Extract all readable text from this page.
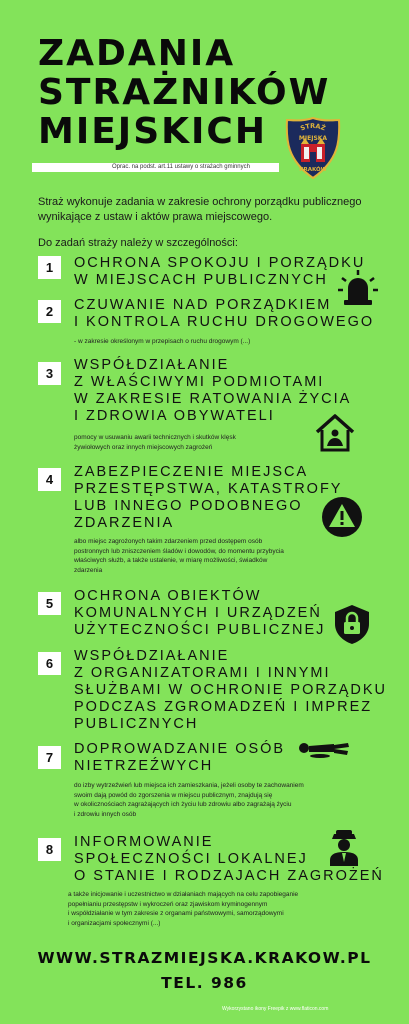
ZADANIA
STRAŻNIKÓW
MIEJSKICH
Oprac. na podst. art.11 ustawy o strażach gminnych
STRAŻ
MIEJSKA
KRAKÓW
Straż wykonuje zadania w zakresie ochrony porządku publicznego wynikające z ustaw i aktów prawa miejscowego.
Do zadań straży należy w szczególności:
1	OCHRONA SPOKOJU I PORZĄDKU
W MIEJSCACH PUBLICZNYCH
2	CZUWANIE NAD PORZĄDKIEM
I KONTROLA RUCHU DROGOWEGO
- w zakresie określonym w przepisach o ruchu drogowym (...)
3
WSPÓŁDZIAŁANIE
Z WŁAŚCIWYMI PODMIOTAMI
W ZAKRESIE RATOWANIA ŻYCIA
I ZDROWIA OBYWATELI
pomocy w usuwaniu awarii technicznych i skutków klęsk
żywiołowych oraz innych miejscowych zagrożeń
4	ZABEZPIECZENIE MIEJSCA
PRZESTĘPSTWA, KATASTROFY
LUB INNEGO PODOBNEGO
ZDARZENIA
albo miejsc zagrożonych takim zdarzeniem przed dostępem osób
postronnych lub zniszczeniem śladów i dowodów, do momentu przybycia
właściwych służb, a także ustalenie, w miarę możliwości, świadków
zdarzenia
5	OCHRONA OBIEKTÓW
KOMUNALNYCH I URZĄDZEŃ
UŻYTECZNOŚCI PUBLICZNEJ
6	WSPÓŁDZIAŁANIE
Z ORGANIZATORAMI I INNYMI
SŁUŻBAMI W OCHRONIE PORZĄDKU
PODCZAS ZGROMADZEŃ I IMPREZ
PUBLICZNYCH
7
DOPROWADZANIE OSÓB
NIETRZEŹWYCH
do izby wytrzeźwień lub miejsca ich zamieszkania, jeżeli osoby te zachowaniem
swoim dają powód do zgorszenia w miejscu publicznym, znajdują się
w okolicznościach zagrażających ich życiu lub zdrowiu albo zagrażają życiu
i zdrowiu innych osób
8	INFORMOWANIE
SPOŁECZNOŚCI LOKALNEJ
O STANIE I RODZAJACH ZAGROŻEŃ
a także inicjowanie i uczestnictwo w działaniach mających na celu zapobieganie
popełnianiu przestępstw i wykroczeń oraz zjawiskom kryminogennym
i współdziałanie w tym zakresie z organami państwowymi, samorządowymi
i organizacjami społecznymi (...)
WWW.STRAZMIEJSKA.KRAKOW.PL
TEL. 986
Wykorzystano ikony Freepik z www.flaticon.com
